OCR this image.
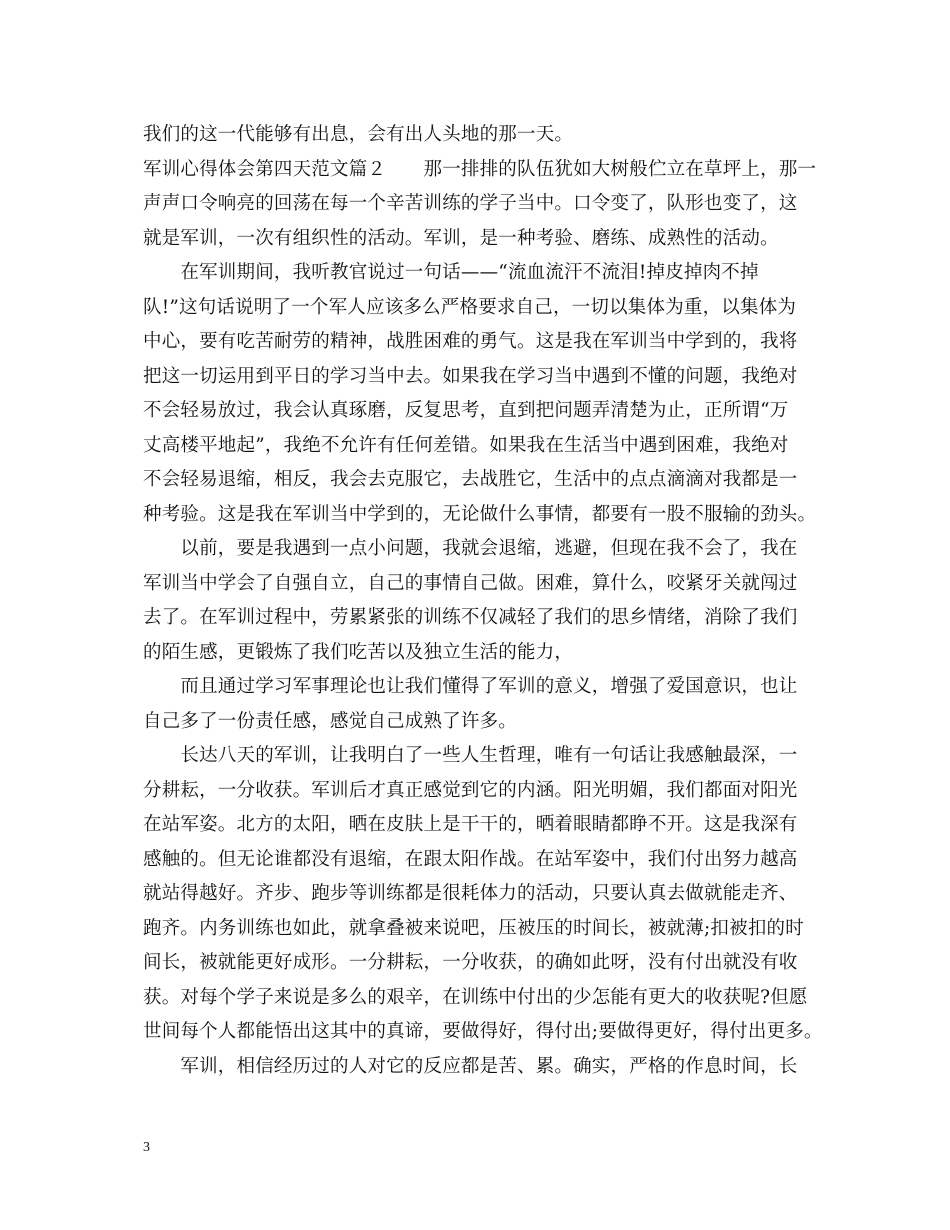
我们的这一代能够有出息，会有出人头地的那一天。
军训心得体会第四天范文篇２　　那一排排的队伍犹如大树般伫立在草坪上，那一
声声口令响亮的回荡在每一个辛苦训练的学子当中。口令变了，队形也变了，这
就是军训，一次有组织性的活动。军训，是一种考验、磨练、成熟性的活动。
　　在军训期间，我听教官说过一句话——“流血流汗不流泪!掉皮掉肉不掉
队!”这句话说明了一个军人应该多么严格要求自己，一切以集体为重，以集体为
中心，要有吃苦耐劳的精神，战胜困难的勇气。这是我在军训当中学到的，我将
把这一切运用到平日的学习当中去。如果我在学习当中遇到不懂的问题，我绝对
不会轻易放过，我会认真琢磨，反复思考，直到把问题弄清楚为止，正所谓“万
丈高楼平地起”，我绝不允许有任何差错。如果我在生活当中遇到困难，我绝对
不会轻易退缩，相反，我会去克服它，去战胜它，生活中的点点滴滴对我都是一
种考验。这是我在军训当中学到的，无论做什么事情，都要有一股不服输的劲头。
　　以前，要是我遇到一点小问题，我就会退缩，逃避，但现在我不会了，我在
军训当中学会了自强自立，自己的事情自己做。困难，算什么，咬紧牙关就闯过
去了。在军训过程中，劳累紧张的训练不仅减轻了我们的思乡情绪，消除了我们
的陌生感，更锻炼了我们吃苦以及独立生活的能力，
　　而且通过学习军事理论也让我们懂得了军训的意义，增强了爱国意识，也让
自己多了一份责任感，感觉自己成熟了许多。
　　长达八天的军训，让我明白了一些人生哲理，唯有一句话让我感触最深，一
分耕耘，一分收获。军训后才真正感觉到它的内涵。阳光明媚，我们都面对阳光
在站军姿。北方的太阳，晒在皮肤上是干干的，晒着眼睛都睁不开。这是我深有
感触的。但无论谁都没有退缩，在跟太阳作战。在站军姿中，我们付出努力越高
就站得越好。齐步、跑步等训练都是很耗体力的活动，只要认真去做就能走齐、
跑齐。内务训练也如此，就拿叠被来说吧，压被压的时间长，被就薄;扣被扣的时
间长，被就能更好成形。一分耕耘，一分收获，的确如此呀，没有付出就没有收
获。对每个学子来说是多么的艰辛，在训练中付出的少怎能有更大的收获呢?但愿
世间每个人都能悟出这其中的真谛，要做得好，得付出;要做得更好，得付出更多。
　　军训，相信经历过的人对它的反应都是苦、累。确实，严格的作息时间，长
3
